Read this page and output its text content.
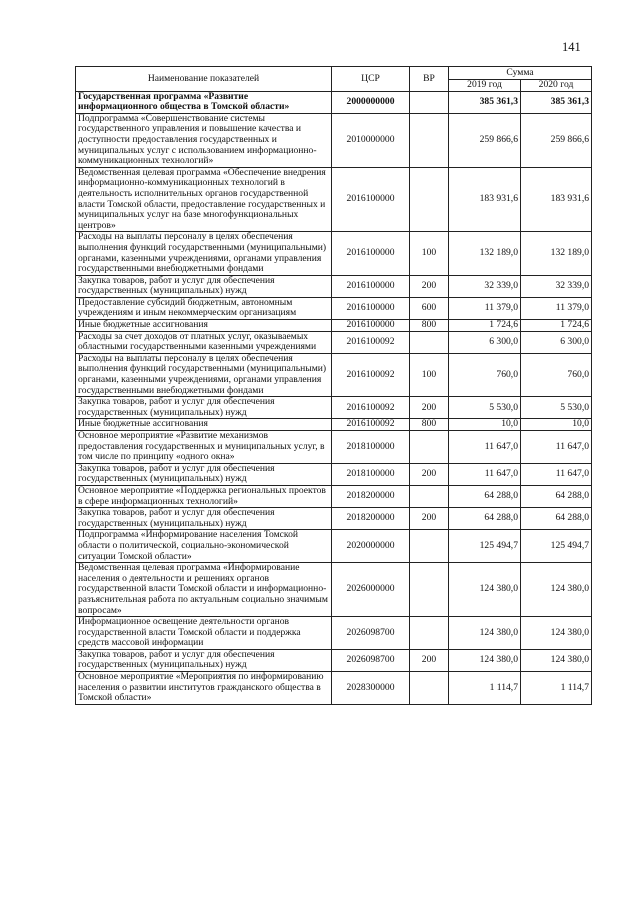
141
Наименование показателей	ЦСР	ВР	Сумма	
			2019 год	2020 год
Государственная программа «Развитие информационного общества в Томской области»	2000000000		385 361,3	385 361,3
Подпрограмма «Совершенствование системы государственного управления и повышение качества и доступности предоставления государственных и муниципальных услуг с использованием информационно-коммуникационных технологий»	2010000000		259 866,6	259 866,6
Ведомственная целевая программа «Обеспечение внедрения информационно-коммуникационных технологий в деятельность исполнительных органов государственной власти Томской области, предоставление государственных и муниципальных услуг на базе многофункциональных центров»	2016100000		183 931,6	183 931,6
Расходы на выплаты персоналу в целях обеспечения выполнения функций государственными (муниципальными) органами, казенными учреждениями, органами управления государственными внебюджетными фондами	2016100000	100	132 189,0	132 189,0
Закупка товаров, работ и услуг для обеспечения государственных (муниципальных) нужд	2016100000	200	32 339,0	32 339,0
Предоставление субсидий бюджетным, автономным учреждениям и иным некоммерческим организациям	2016100000	600	11 379,0	11 379,0
Иные бюджетные ассигнования	2016100000	800	1 724,6	1 724,6
Расходы за счет доходов от платных услуг, оказываемых областными государственными казенными учреждениями	2016100092		6 300,0	6 300,0
Расходы на выплаты персоналу в целях обеспечения выполнения функций государственными (муниципальными) органами, казенными учреждениями, органами управления государственными внебюджетными фондами	2016100092	100	760,0	760,0
Закупка товаров, работ и услуг для обеспечения государственных (муниципальных) нужд	2016100092	200	5 530,0	5 530,0
Иные бюджетные ассигнования	2016100092	800	10,0	10,0
Основное мероприятие «Развитие механизмов предоставления государственных и муниципальных услуг, в том числе по принципу «одного окна»	2018100000		11 647,0	11 647,0
Закупка товаров, работ и услуг для обеспечения государственных (муниципальных) нужд	2018100000	200	11 647,0	11 647,0
Основное мероприятие «Поддержка региональных проектов в сфере информационных технологий»	2018200000		64 288,0	64 288,0
Закупка товаров, работ и услуг для обеспечения государственных (муниципальных) нужд	2018200000	200	64 288,0	64 288,0
Подпрограмма «Информирование населения Томской области о политической, социально-экономической ситуации Томской области»	2020000000		125 494,7	125 494,7
Ведомственная целевая программа «Информирование населения о деятельности и решениях органов государственной власти Томской области и информационно-разъяснительная работа по актуальным социально значимым вопросам»	2026000000		124 380,0	124 380,0
Информационное освещение деятельности органов государственной власти Томской области и поддержка средств массовой информации	2026098700		124 380,0	124 380,0
Закупка товаров, работ и услуг для обеспечения государственных (муниципальных) нужд	2026098700	200	124 380,0	124 380,0
Основное мероприятие «Мероприятия по информированию населения о развитии институтов гражданского общества в Томской области»	2028300000		1 114,7	1 114,7
